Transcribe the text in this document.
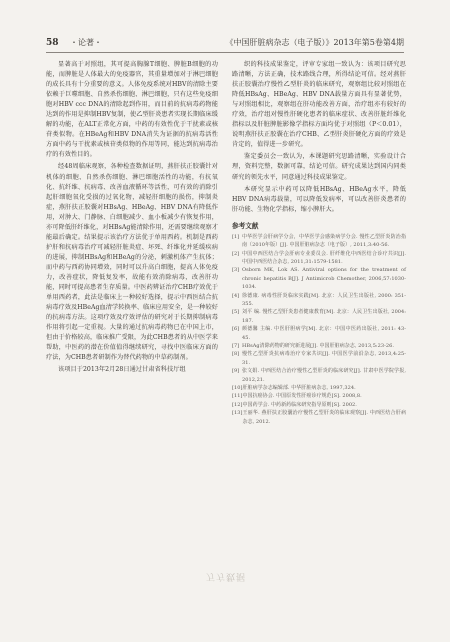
58 ・论著・	《中国肝脏病杂志（电子版）》2013年第5卷第4期

显著高于对照组，其可提高胸腺T细胞、脾脏B细胞的功能，而脾脏是人体最大的免疫器官，其重量增加对于淋巴细胞的成长具有十分重要的意义。人体免疫系统对HBV的清除主要依赖于巨噬细胞、自然杀伤细胞、淋巴细胞，只有这些免疫细胞对HBV ccc DNA的清除起到作用，而目前的抗病毒药物能达到的作用是抑制HBV复制，使乙型肝炎患者实现长期临床缓解的功能，在ALT正常化方面，中药的有效性优于干扰素或核苷类似物。在HBeAg和HBV DNA消失为证据的抗病毒活性方面中药与干扰素或核苷类似物的作用等同，能达到抗病毒治疗的有效性目的。

经48周临床观察，各种检查数据证明，燕肝扶正胶囊针对机体的细胞、自然杀伤细胞、淋巴细胞活性的功能，有抗氧化、抗纤维、抗病毒、改善血液循环等活性，可有效的消除引起肝细胞氧化受损的过氧化物，减轻肝细胞的损伤，抑制炎症，燕肝扶正胶囊对HBsAg、HBeAg、HBV DNA有降低作用，对肿大、门静脉、白细胞减少、血小板减少有恢复作用，亦可降低肝纤维化，对HBsAg能清除作用，还需要继续观察才能最后确定。结果提示该治疗方法优于单用西药。机制是西药护肝和抗病毒治疗可减轻肝脏炎症、坏死、纤维化并延缓疾病的进展，抑制HBsAg和HBeAg的分泌，刺激机体产生抗体；而中药与西药协同增效，同时可以升高白细胞，提高人体免疫力，改善症状，降低复发率，故能有效消除病毒，改善肝功能，同时可提高患者生存质量。中医药辨证治疗CHB疗效优于单用西药者，此法是临床上一种较好选择，提示中西医结合抗病毒疗效及HBeAg血清学转换率、临床应用安全，是一种较好的抗病毒方法。这项疗效及疗效评估的研究对于长期抑制病毒作用将引起一定重视。大量的通过抗病毒药物已在中国上市，但由于价格较高，临床推广受限，为此CHB患者的从中医学来帮助，中医药的潜在价值值得继续研究，寻找中医临床方面的疗法，为CHB患者研制作为替代药物的中草药制剂。

该项目于2013年2月28日通过甘肃省科技厅组

织的科技成果鉴定，评审专家组一致认为：该项目研究思路清晰，方法正确，技术路线合理，所得结论可信。经对燕肝扶正胶囊治疗慢性乙型肝炎的临床研究，观察组比较对照组在降低HBsAg、HBeAg、HBV DNA载量方面具有显著优势，与对照组相比，观察组在肝功能改善方面，治疗组亦有较好的疗效，治疗组对慢性肝硬化患者的临床症状、改善肝脏纤维化指标以及肝脏脾脏影像学指标方面均优于对照组（P＜0.01），说明燕肝扶正胶囊在治疗CHB、乙型肝炎肝硬化方面的疗效是肯定的，值得进一步研究。

鉴定委员会一致认为，本课题研究思路清晰，实验设计合理，资料完整，数据可靠，结论可信。研究成果达到国内同类研究的领先水平，同意通过科技成果鉴定。

本研究显示中药可以降低HBsAg、HBeAg水平，降低HBV DNA病毒载量，可以降低发病率，可以改善肝炎患者的肝功能、生物化学指标，缩小脾肝大。

参考文献
[1] 中华医学会肝病学分会，中华医学会感染病学分会. 慢性乙型肝炎防治指南（2010年版）[J]. 中国肝脏病杂志（电子版）, 2011,3:40-56.
[2] 中国中西医结合学会肝病专业委员会. 肝纤维化中西医结合诊疗共识[J]. 中国中西医结合杂志, 2011,31:1579-1581.
[3] Osborn MK, Lok AS. Antiviral options for the treatment of chronic hepatitis B[J]. J Antimicrob Chemother, 2006,57:1030-1034.
[4] 徐德康. 病毒性肝炎临床实践[M]. 北京：人民卫生出版社, 2000: 351-355.
[5] 刘平 编. 慢性乙型肝炎患者健康教育[M]. 北京：人民卫生出版社, 2004: 187.
[6] 颜德馨 主编. 中医肝胆病学[M]. 北京：中国中医药出版社, 2011: 43-45.
[7] HBsAg清除药物的研究新进展[J]. 中国肝脏病杂志, 2013,5:23-26.
[8] 慢性乙型肝炎抗病毒治疗专家共识[J]. 中国医学前沿杂志, 2013,4:25-31.
[9] 张文娟. 中西医结合治疗慢性乙型肝炎的临床研究[J]. 甘肃中医学院学报, 2012,21.
[10] 肝脏病学杂志编辑部. 中华肝脏病杂志, 1997,324.
[11] 中国抗癌协会. 中国原发性肝癌诊疗规范[S]. 2008,8.
[12] 中国药学会. 中药新药临床研究指导原则[S]. 2002.
[13] 王丽华. 燕肝扶正胶囊治疗慢性乙型肝炎的临床观察[J]. 中西医结合肝病杂志, 2012.
万方数据
